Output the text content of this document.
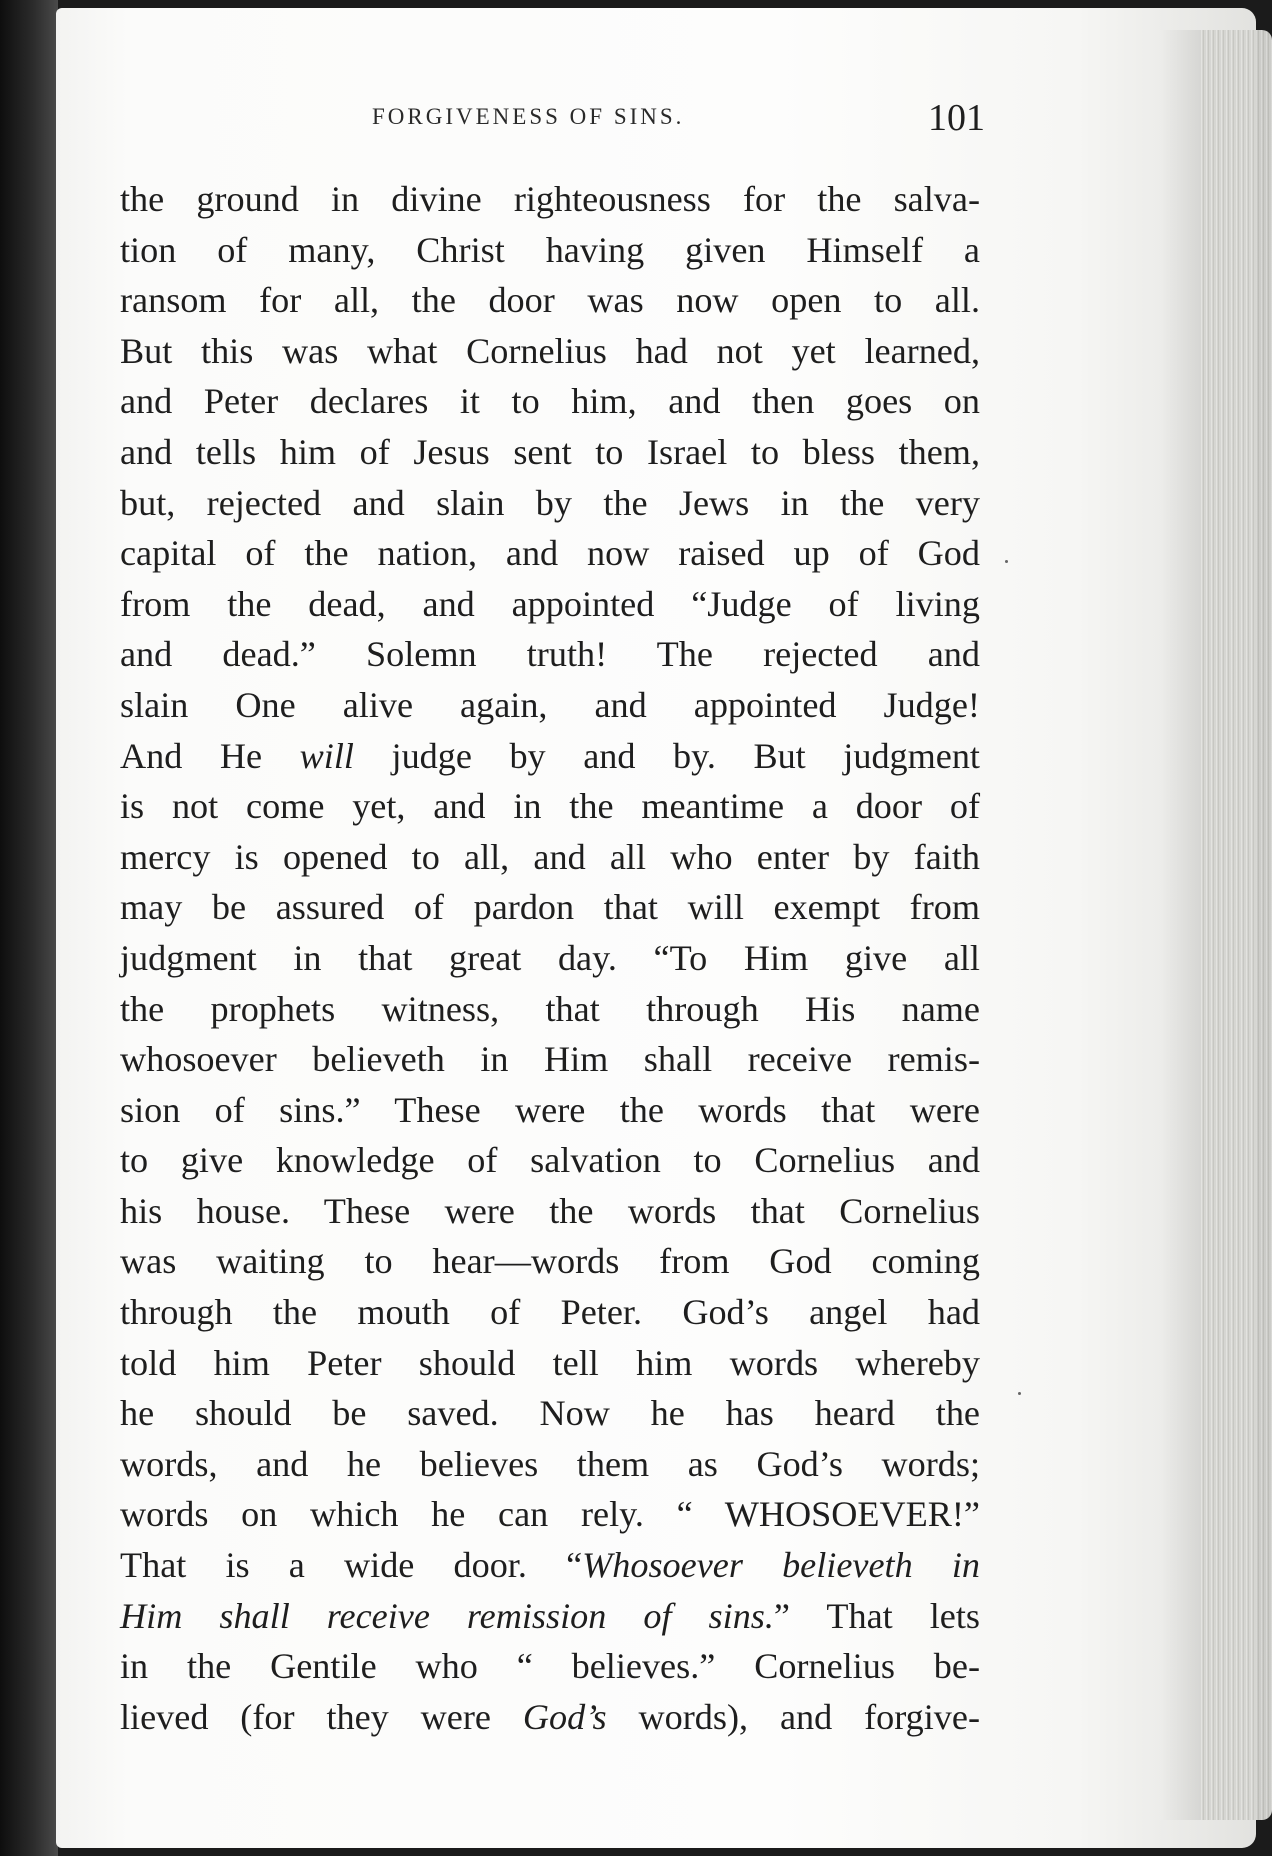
FORGIVENESS OF SINS.	101
the ground in divine righteousness for the salva-
tion of many, Christ having given Himself a
ransom for all, the door was now open to all.
But this was what Cornelius had not yet learned,
and Peter declares it to him, and then goes on
and tells him of Jesus sent to Israel to bless them,
but, rejected and slain by the Jews in the very
capital of the nation, and now raised up of God
from the dead, and appointed “Judge of living
and dead.” Solemn truth! The rejected and
slain One alive again, and appointed Judge!
And He will judge by and by. But judgment
is not come yet, and in the meantime a door of
mercy is opened to all, and all who enter by faith
may be assured of pardon that will exempt from
judgment in that great day. “To Him give all
the prophets witness, that through His name
whosoever believeth in Him shall receive remis-
sion of sins.” These were the words that were
to give knowledge of salvation to Cornelius and
his house. These were the words that Cornelius
was waiting to hear—words from God coming
through the mouth of Peter. God’s angel had
told him Peter should tell him words whereby
he should be saved. Now he has heard the
words, and he believes them as God’s words;
words on which he can rely. “ WHOSOEVER!”
That is a wide door. “Whosoever believeth in
Him shall receive remission of sins.” That lets
in the Gentile who “ believes.” Cornelius be-
lieved (for they were God’s words), and forgive-
